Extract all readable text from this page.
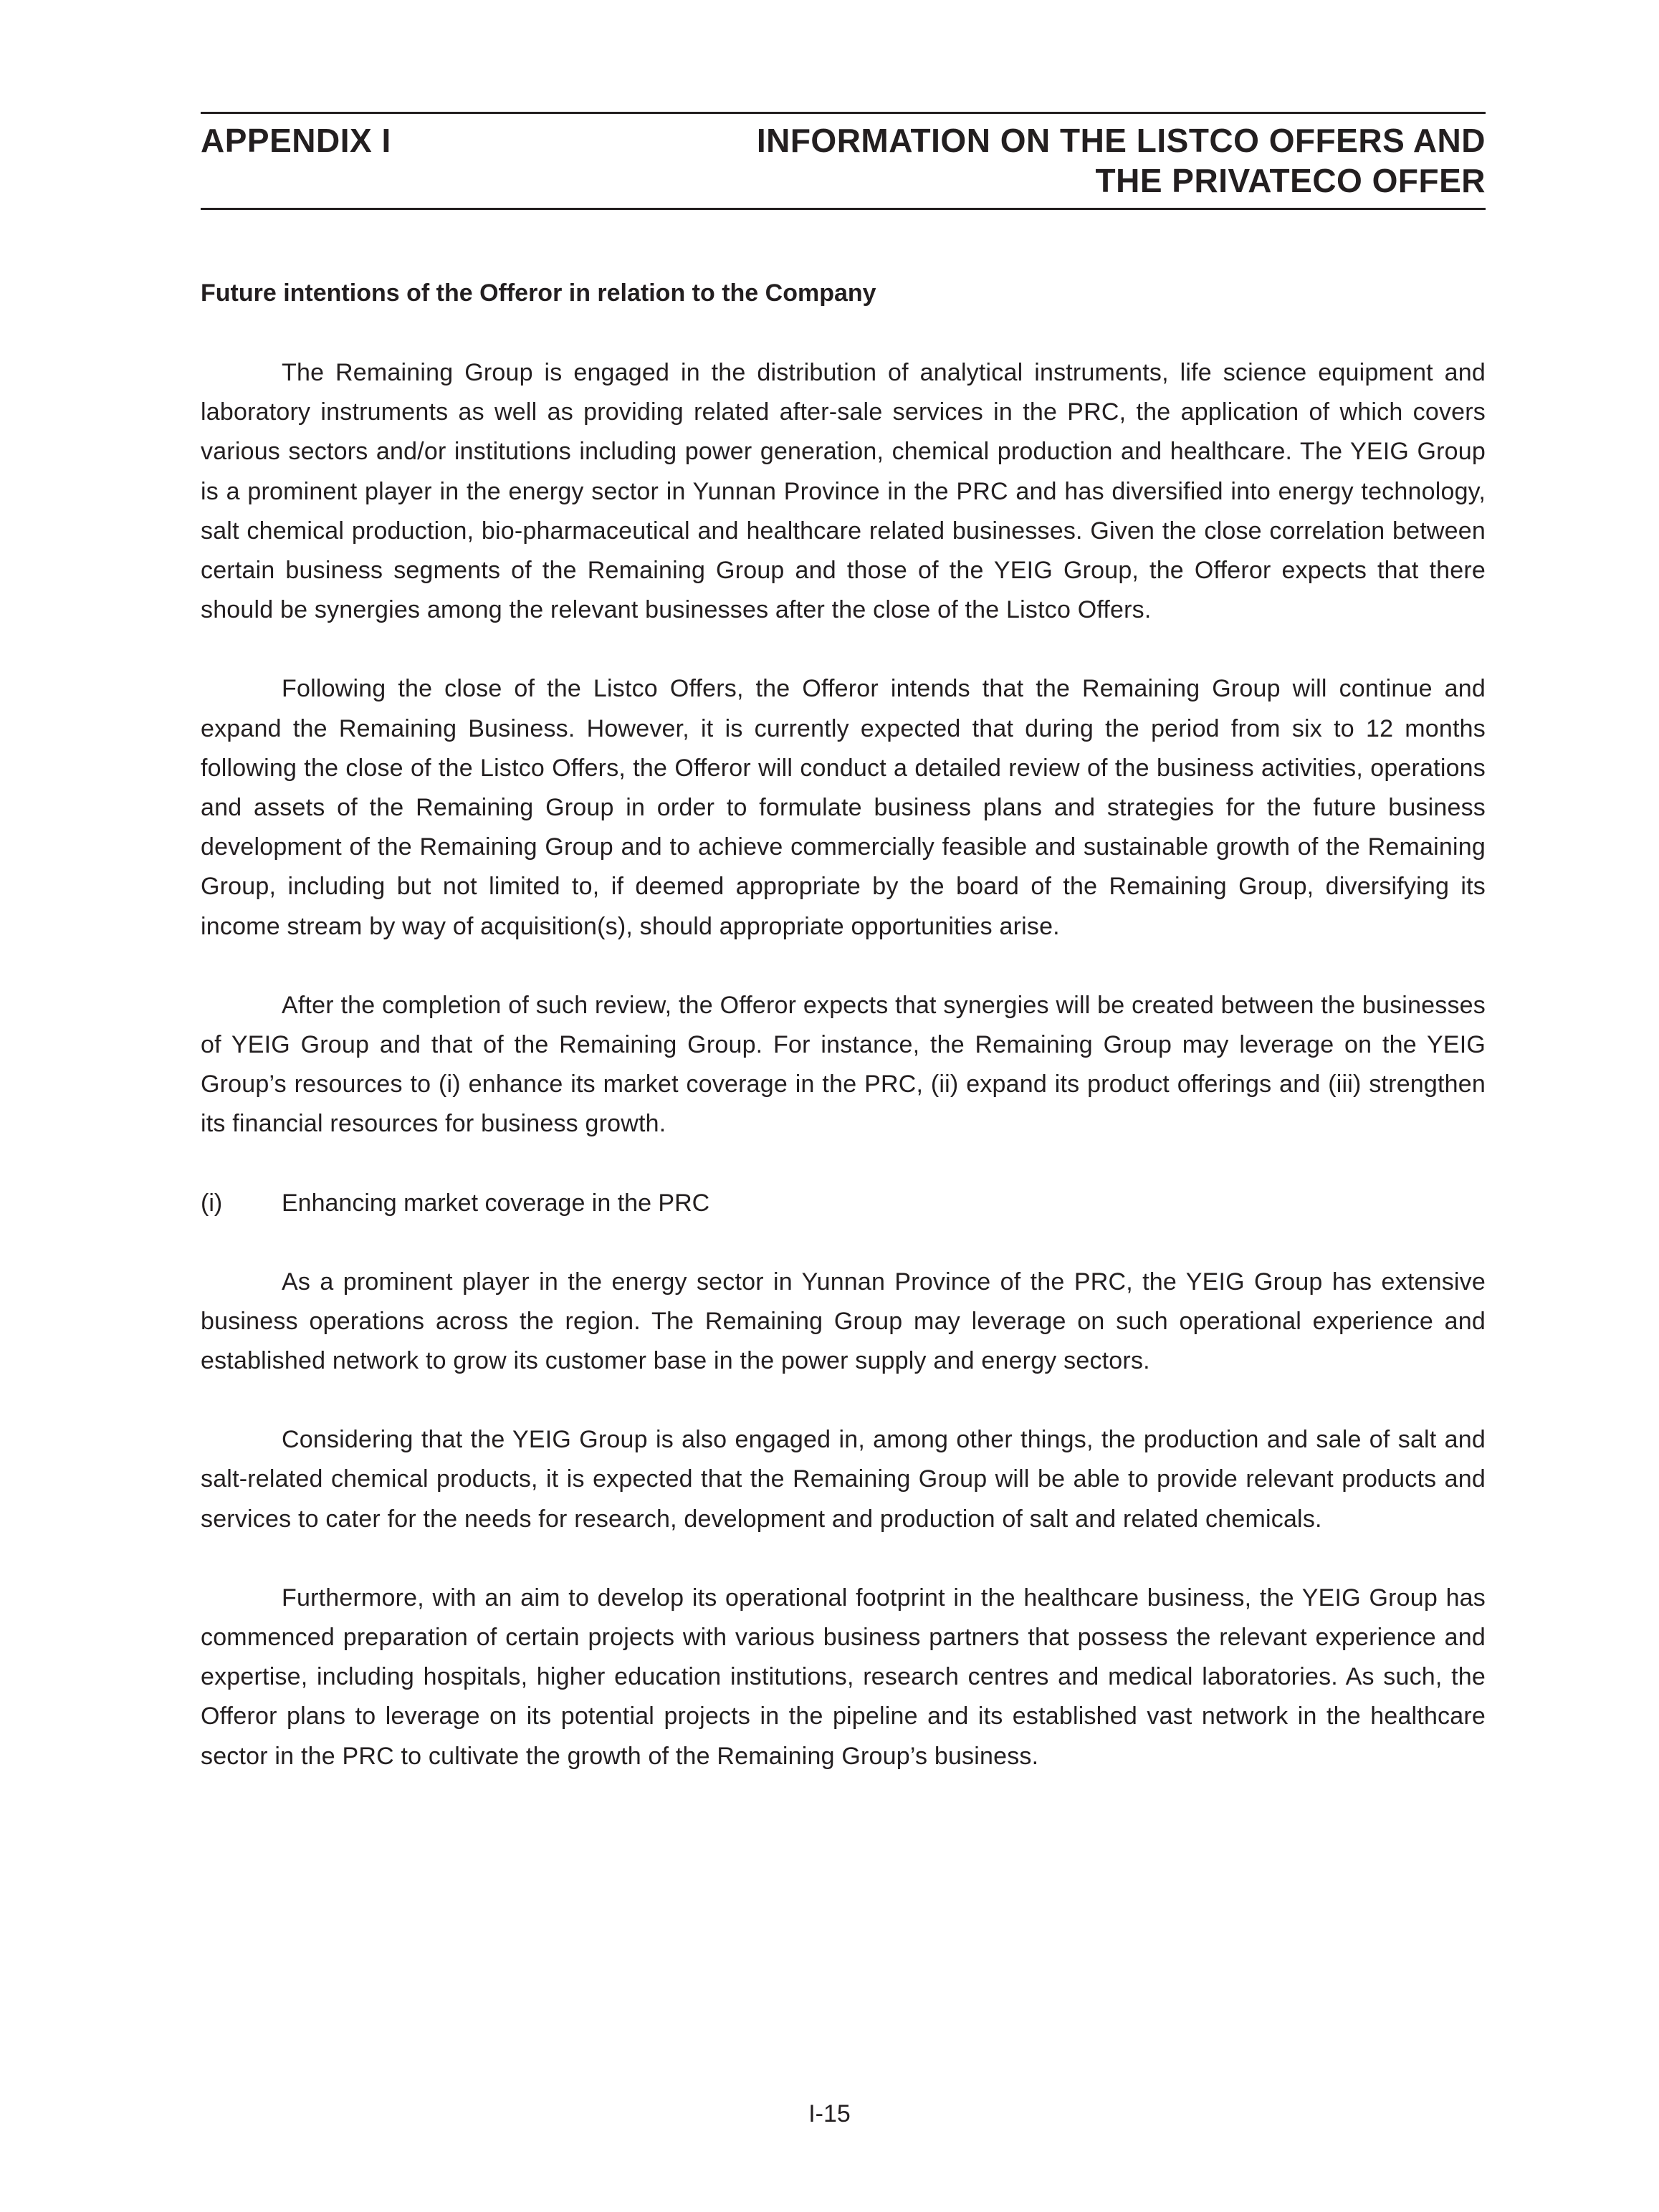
APPENDIX I	INFORMATION ON THE LISTCO OFFERS AND
THE PRIVATECO OFFER
Future intentions of the Offeror in relation to the Company

The Remaining Group is engaged in the distribution of analytical instruments, life science equipment and laboratory instruments as well as providing related after-sale services in the PRC, the application of which covers various sectors and/or institutions including power generation, chemical production and healthcare. The YEIG Group is a prominent player in the energy sector in Yunnan Province in the PRC and has diversified into energy technology, salt chemical production, bio-pharmaceutical and healthcare related businesses. Given the close correlation between certain business segments of the Remaining Group and those of the YEIG Group, the Offeror expects that there should be synergies among the relevant businesses after the close of the Listco Offers.

Following the close of the Listco Offers, the Offeror intends that the Remaining Group will continue and expand the Remaining Business. However, it is currently expected that during the period from six to 12 months following the close of the Listco Offers, the Offeror will conduct a detailed review of the business activities, operations and assets of the Remaining Group in order to formulate business plans and strategies for the future business development of the Remaining Group and to achieve commercially feasible and sustainable growth of the Remaining Group, including but not limited to, if deemed appropriate by the board of the Remaining Group, diversifying its income stream by way of acquisition(s), should appropriate opportunities arise.

After the completion of such review, the Offeror expects that synergies will be created between the businesses of YEIG Group and that of the Remaining Group. For instance, the Remaining Group may leverage on the YEIG Group’s resources to (i) enhance its market coverage in the PRC, (ii) expand its product offerings and (iii) strengthen its financial resources for business growth.

(i)	Enhancing market coverage in the PRC

As a prominent player in the energy sector in Yunnan Province of the PRC, the YEIG Group has extensive business operations across the region. The Remaining Group may leverage on such operational experience and established network to grow its customer base in the power supply and energy sectors.

Considering that the YEIG Group is also engaged in, among other things, the production and sale of salt and salt-related chemical products, it is expected that the Remaining Group will be able to provide relevant products and services to cater for the needs for research, development and production of salt and related chemicals.

Furthermore, with an aim to develop its operational footprint in the healthcare business, the YEIG Group has commenced preparation of certain projects with various business partners that possess the relevant experience and expertise, including hospitals, higher education institutions, research centres and medical laboratories. As such, the Offeror plans to leverage on its potential projects in the pipeline and its established vast network in the healthcare sector in the PRC to cultivate the growth of the Remaining Group’s business.

I-15
